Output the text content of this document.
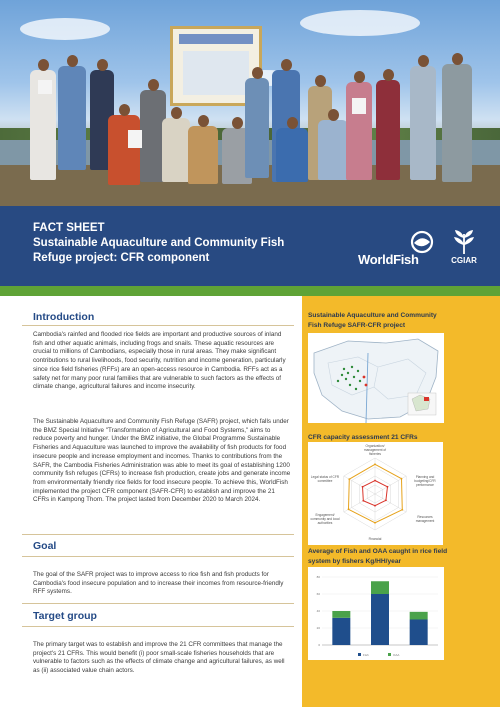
FACT SHEET
Sustainable Aquaculture and Community Fish Refuge project: CFR component	WorldFish	CGIAR
Introduction
Cambodia's rainfed and flooded rice fields are important and productive sources of inland fish and other aquatic animals, including frogs and snails. These aquatic resources are crucial to millions of Cambodians, especially those in rural areas. They make significant contributions to rural livelihoods, food security, nutrition and income generation, particularly since rice field fisheries (RFFs) are an open-access resource in Cambodia. RFFs act as a safety net for many poor rural families that are vulnerable to such factors as the effects of climate change, agricultural failures and income insecurity.
The Sustainable Aquaculture and Community Fish Refuge (SAFR) project, which falls under the BMZ Special Initiative "Transformation of Agricultural and Food Systems," aims to reduce poverty and hunger. Under the BMZ initiative, the Global Programme Sustainable Fisheries and Aquaculture was launched to improve the availability of fish products for food insecure people and increase employment and incomes. Thanks to contributions from the SAFR, the Cambodia Fisheries Administration was able to meet its goal of establishing 1200 community fish refuges (CFRs) to increase fish production, create jobs and generate income from environmentally friendly rice fields for food insecure people. To achieve this, WorldFish implemented the project CFR component (SAFR-CFR) to establish and improve the 21 CFRs in Kampong Thom. The project lasted from December 2020 to March 2024.
Goal
The goal of the SAFR project was to improve access to rice fish and fish products for Cambodia's food insecure population and to increase their incomes from resource-friendly RFF systems.
Target group
The primary target was to establish and improve the 21 CFR committees that manage the project's 21 CFRs. This would benefit (i) poor small-scale fisheries households that are vulnerable to factors such as the effects of climate change and agricultural failures, as well as (ii) associated value chain actors.
Sustainable Aquaculture and Community Fish Refuge SAFR-CFR project
CFR capacity assessment 21 CFRs
Organization/ management of fisheries
Planning and budgeting/CFR performance
Resources management
Financial
Engagement/ community and local authorities
Legal status of CFR committee
Average of Fish and OAA caught in rice field system by fishers Kg/HH/year
0
20
40
60
80
Fish	OAA
